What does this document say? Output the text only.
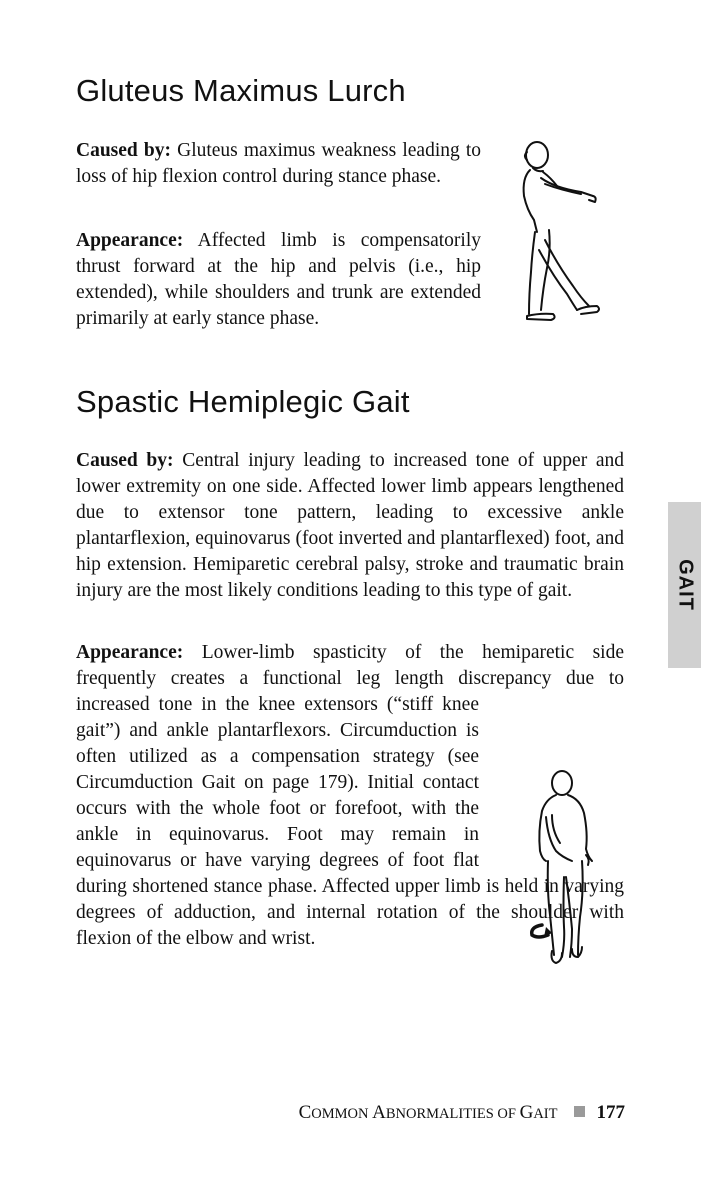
Gluteus Maximus Lurch

Caused by: Gluteus maximus weakness leading to loss of hip flexion control during stance phase.

Appearance: Affected limb is compensatorily thrust forward at the hip and pelvis (i.e., hip extended), while shoulders and trunk are extended primarily at early stance phase.

Spastic Hemiplegic Gait

Caused by: Central injury leading to increased tone of upper and lower extremity on one side. Affected lower limb appears lengthened due to extensor tone pattern, leading to excessive ankle plantarflexion, equinovarus (foot inverted and plantarflexed) foot, and hip extension. Hemiparetic cerebral palsy, stroke and traumatic brain injury are the most likely conditions leading to this type of gait.

Appearance: Lower-limb spasticity of the hemiparetic side frequently creates a functional leg length discrepancy due to increased tone in the knee extensors (“stiff knee gait”) and ankle plantarflexors. Circumduction is often utilized as a compensation strategy (see Circumduction Gait on page 179). Initial contact occurs with the whole foot or forefoot, with the ankle in equinovarus. Foot may remain in equinovarus or have varying degrees of foot flat during shortened stance phase. Affected upper limb is held in varying degrees of adduction, and internal rotation of the shoulder with flexion of the elbow and wrist.

GAIT
COMMON ABNORMALITIES OF GAIT 177
